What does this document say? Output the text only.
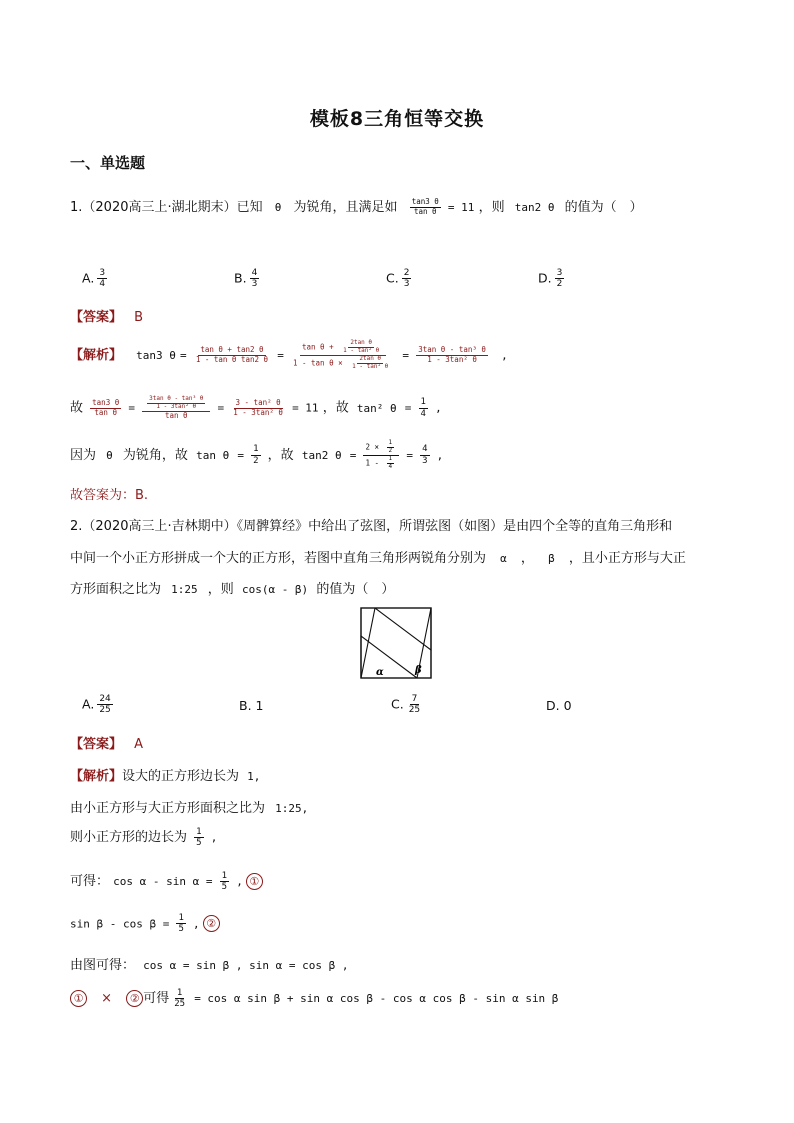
模板8三角恒等交换
一、单选题
1.（2020高三上·湖北期末）已知 θ 为锐角，且满足如 $\frac{\tan 3 \theta}{\text{tan θ}} = 11$ ，则 tan2 θ 的值为（　）
A. $\frac{3}{4}$	B. $\frac{4}{3}$	C. $\frac{2}{3}$	D. $\frac{3}{2}$
【答案】 B
【解析】 tan3 $\theta = \frac{\text{tan θ + tan2 θ}}{\text{1 - tan θ tan2 θ}} = \frac{\tan \theta + \frac{\text{2tan θ}}{\text{1 - tan² θ}}}{1 - \tan \theta \times \frac{\text{2tan θ}}{\text{1 - tan² θ}}} = \frac{\text{3tan θ - tan³ θ}}{\text{1 - 3tan² θ}}$ ,
故 $\frac{\tan 3 \theta}{\text{tan θ}} = \frac{\frac{\text{3tan θ - tan³ θ}}{\text{1 - 3tan² θ}}}{\text{tan θ}} = \frac{\text{3 - tan² θ}}{\text{1 - 3tan² θ}} = 11$ ，故 tan² $\theta = \frac{1}{4}$ ,
因为 θ 为锐角，故 $\tan \theta = \frac{1}{2}$ ，故 tan2 $\theta = \frac{2 \times \frac{1}{2}}{1 - \frac{1}{4}} = \frac{4}{3}$ ,
故答案为：B.
2.（2020高三上·吉林期中）《周髀算经》中给出了弦图，所谓弦图（如图）是由四个全等的直角三角形和
中间一个小正方形拼成一个大的正方形，若图中直角三角形两锐角分别为 α ， β ，且小正方形与大正
方形面积之比为 1:25 ，则 cos(α - β) 的值为（　）
α	β
A. $\frac{24}{25}$	B. 1	C. $\frac{7}{25}$	D. 0
【答案】 A
【解析】设大的正方形边长为 1,
由小正方形与大正方形面积之比为 1:25,
则小正方形的边长为 $\frac{1}{5}$ ,
可得： $\cos \alpha - \sin \alpha = \frac{1}{5}$ , ①
$\sin \beta - \cos \beta = \frac{1}{5}$ , ②
由图可得： cos α = sin β , sin α = cos β ,
① × ② 可得 $\frac{1}{25} = \cos \alpha$ sin β + sin α cos β - cos α cos β - sin α sin β
